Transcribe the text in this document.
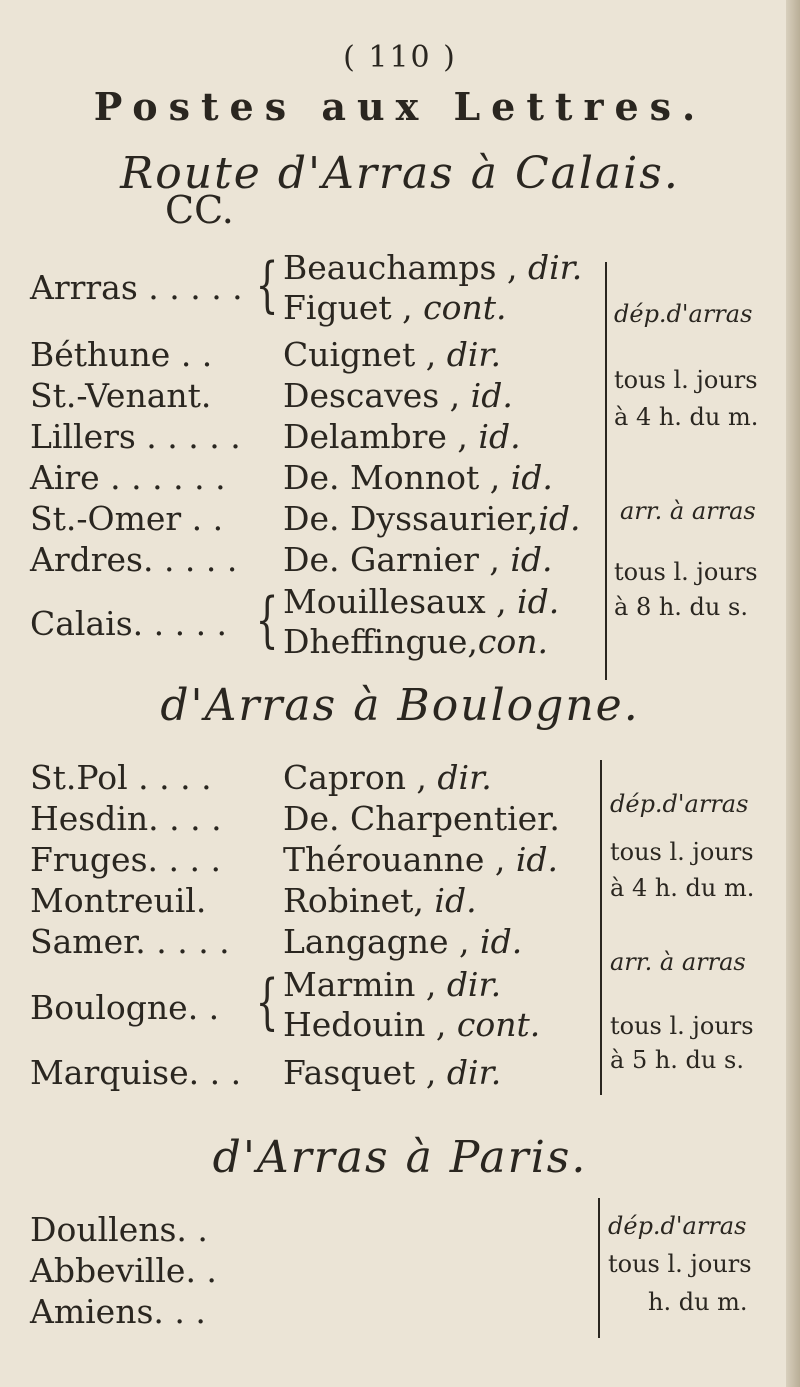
( 110 )
Postes aux Lettres.
Route d'Arras à Calais.
CC.
Arrras . . . . . { Beauchamps , dir.
Figuet , cont.
Béthune . . Cuignet , dir.
St.-Venant. Descaves , id.
Lillers . . . . . Delambre , id.
Aire . . . . . . De. Monnot , id.
St.-Omer . . De. Dyssaurier,id.
Ardres. . . . . De. Garnier , id.
Calais. . . . . { Mouillesaux , id.
Dheffingue,con.
dép.d'arras
tous l. jours
à 4 h. du m.
arr. à arras
tous l. jours
à 8 h. du s.
d'Arras à Boulogne.
St.Pol . . . . Capron , dir.
Hesdin. . . . De. Charpentier.
Fruges. . . . Thérouanne , id.
Montreuil. Robinet, id.
Samer. . . . . Langagne , id.
Boulogne. . { Marmin , dir.
Hedouin , cont.
Marquise. . . Fasquet , dir.
dép.d'arras
tous l. jours
à 4 h. du m.
arr. à arras
tous l. jours
à 5 h. du s.
d'Arras à Paris.
Doullens. .
Abbeville. .
Amiens. . .
dép.d'arras
tous l. jours
h. du m.
